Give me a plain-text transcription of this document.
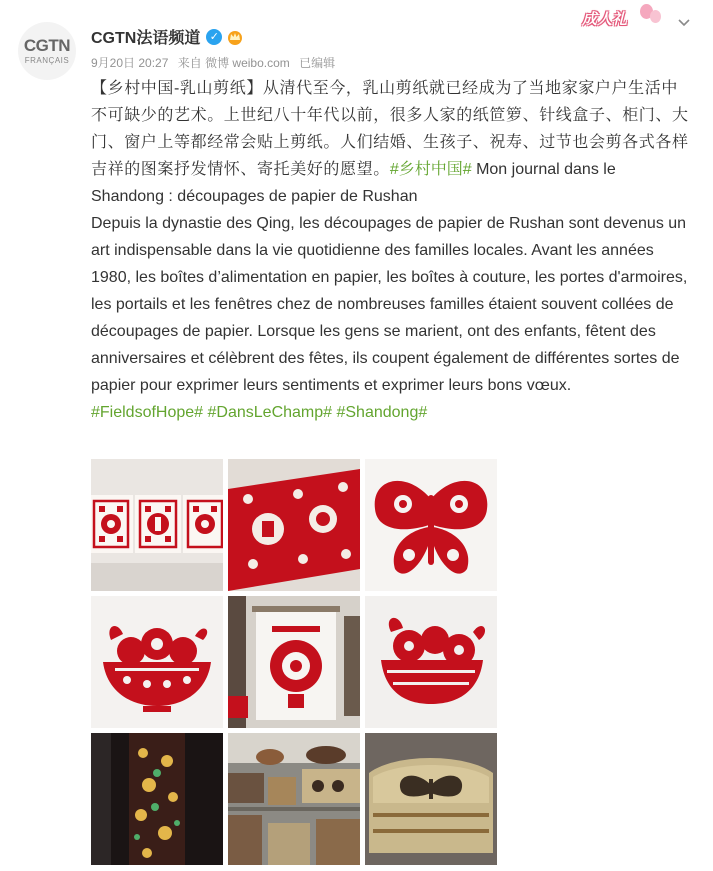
CGTN
FRANÇAIS
CGTN法语频道 ✓
9月20日 20:27 来自 微博 weibo.com 已编辑
成人礼

【乡村中国-乳山剪纸】从清代至今，乳山剪纸就已经成为了当地家家户户生活中不可缺少的艺术。上世纪八十年代以前，很多人家的纸笸箩、针线盒子、柜门、大门、窗户上等都经常会贴上剪纸。人们结婚、生孩子、祝寿、过节也会剪各式各样吉祥的图案抒发情怀、寄托美好的愿望。#乡村中国# Mon journal dans le Shandong : découpages de papier de Rushan

Depuis la dynastie des Qing, les découpages de papier de Rushan sont devenus un art indispensable dans la vie quotidienne des familles locales. Avant les années 1980, les boîtes d’alimentation en papier, les boîtes à couture, les portes d'armoires, les portails et les fenêtres chez de nombreuses familles étaient souvent collées de découpages de papier. Lorsque les gens se marient, ont des enfants, fêtent des anniversaires et célèbrent des fêtes, ils coupent également de différentes sortes de papier pour exprimer leurs sentiments et exprimer leurs bons vœux.

#FieldsofHope# #DansLeChamp# #Shandong#
